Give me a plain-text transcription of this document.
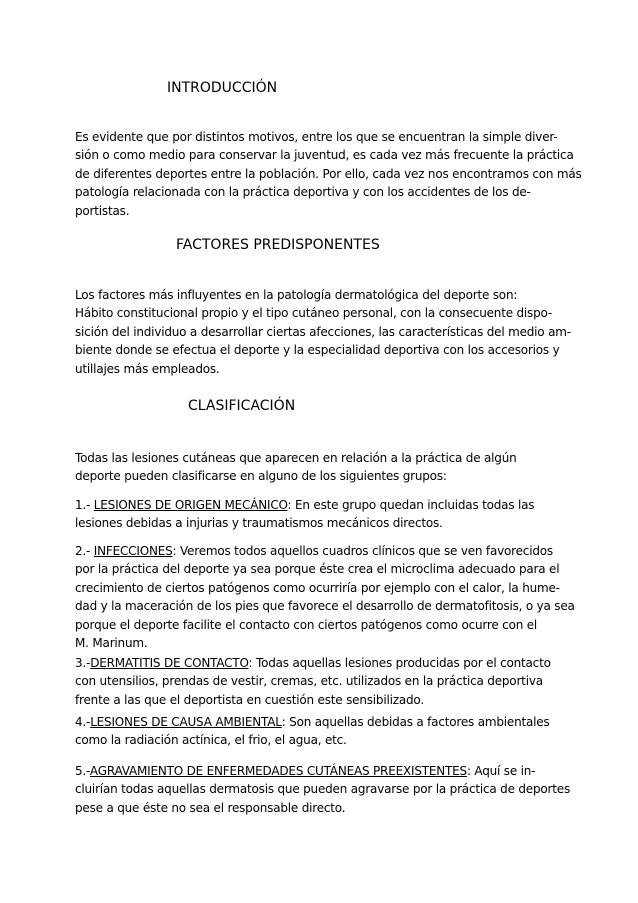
INTRODUCCIÓN
Es evidente que por distintos motivos, entre los que se encuentran la simple diver-
sión o como medio para conservar la juventud, es cada vez más frecuente la práctica
de diferentes deportes entre la población. Por ello, cada vez nos encontramos con más
patología relacionada con la práctica deportiva y con los accidentes de los de-
portistas.
FACTORES PREDISPONENTES
Los factores más influyentes en la patología dermatológica del deporte son:
Hábito constitucional propio y el tipo cutáneo personal, con la consecuente dispo-
sición del individuo a desarrollar ciertas afecciones, las características del medio am-
biente donde se efectua el deporte y la especialidad deportiva con los accesorios y
utillajes más empleados.
CLASIFICACIÓN
Todas las lesiones cutáneas que aparecen en relación a la práctica de algún
deporte pueden clasificarse en alguno de los siguientes grupos:
1.- LESIONES DE ORIGEN MECÁNICO: En este grupo quedan incluidas todas las
lesiones debidas a injurias y traumatismos mecánicos directos.
2.- INFECCIONES: Veremos todos aquellos cuadros clínicos que se ven favorecidos
por la práctica del deporte ya sea porque éste crea el microclima adecuado para el
crecimiento de ciertos patógenos como ocurriría por ejemplo con el calor, la hume-
dad y la maceración de los pies que favorece el desarrollo de dermatofitosis, o ya sea
porque el deporte facilite el contacto con ciertos patógenos como ocurre con el
M. Marinum.
3.-DERMATITIS DE CONTACTO: Todas aquellas lesiones producidas por el contacto
con utensilios, prendas de vestir, cremas, etc. utilizados en la práctica deportiva
frente a las que el deportista en cuestión este sensibilizado.
4.-LESIONES DE CAUSA AMBIENTAL: Son aquellas debidas a factores ambientales
como la radiación actínica, el frio, el agua, etc.
5.-AGRAVAMIENTO DE ENFERMEDADES CUTÁNEAS PREEXISTENTES: Aquí se in-
cluirían todas aquellas dermatosis que pueden agravarse por la práctica de deportes
pese a que éste no sea el responsable directo.
